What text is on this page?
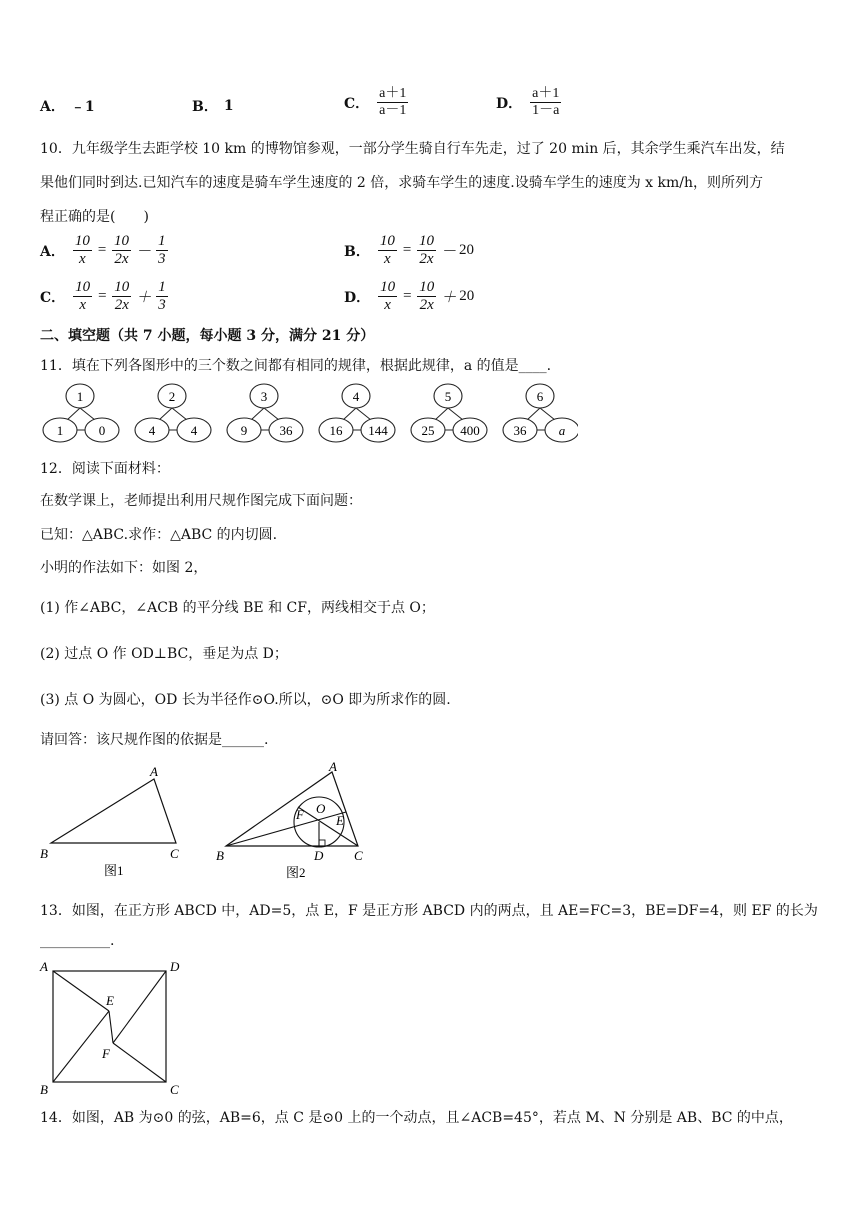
A． ﹣1	B． 1	C． $\frac{a+1}{a-1}$	D． $\frac{a+1}{1-a}$
10．九年级学生去距学校 10 km 的博物馆参观，一部分学生骑自行车先走，过了 20 min 后，其余学生乘汽车出发，结
果他们同时到达.已知汽车的速度是骑车学生速度的 2 倍，求骑车学生的速度.设骑车学生的速度为 x km/h，则所列方
程正确的是(　　)
A． $\frac{10}{x} = \frac{10}{2x} - \frac{1}{3}$	B． $\frac{10}{x} = \frac{10}{2x} - 20$
C． $\frac{10}{x} = \frac{10}{2x} + \frac{1}{3}$	D． $\frac{10}{x} = \frac{10}{2x} + 20$
二、填空题（共 7 小题，每小题 3 分，满分 21 分）
11．填在下列各图形中的三个数之间都有相同的规律，根据此规律，a 的值是____.
1
1	0
2
4	4
3
9 36
4
16 144
5
25 400
6
36 a
12．阅读下面材料：
在数学课上，老师提出利用尺规作图完成下面问题：
已知：△ABC.求作：△ABC 的内切圆.
小明的作法如下：如图 2，
(1) 作∠ABC，∠ACB 的平分线 BE 和 CF，两线相交于点 O；
(2) 过点 O 作 OD⊥BC，垂足为点 D；
(3) 点 O 为圆心，OD 长为半径作⊙O.所以，⊙O 即为所求作的圆.
请回答：该尺规作图的依据是______.
A
B	C
图1
A
B	C
D
E
F O
图2
13．如图，在正方形 ABCD 中，AD=5，点 E，F 是正方形 ABCD 内的两点，且 AE=FC=3，BE=DF=4，则 EF 的长为
__________.
A	D
B	C
E
F
14．如图，AB 为⊙0 的弦，AB=6，点 C 是⊙0 上的一个动点，且∠ACB=45°，若点 M、N 分别是 AB、BC 的中点，
